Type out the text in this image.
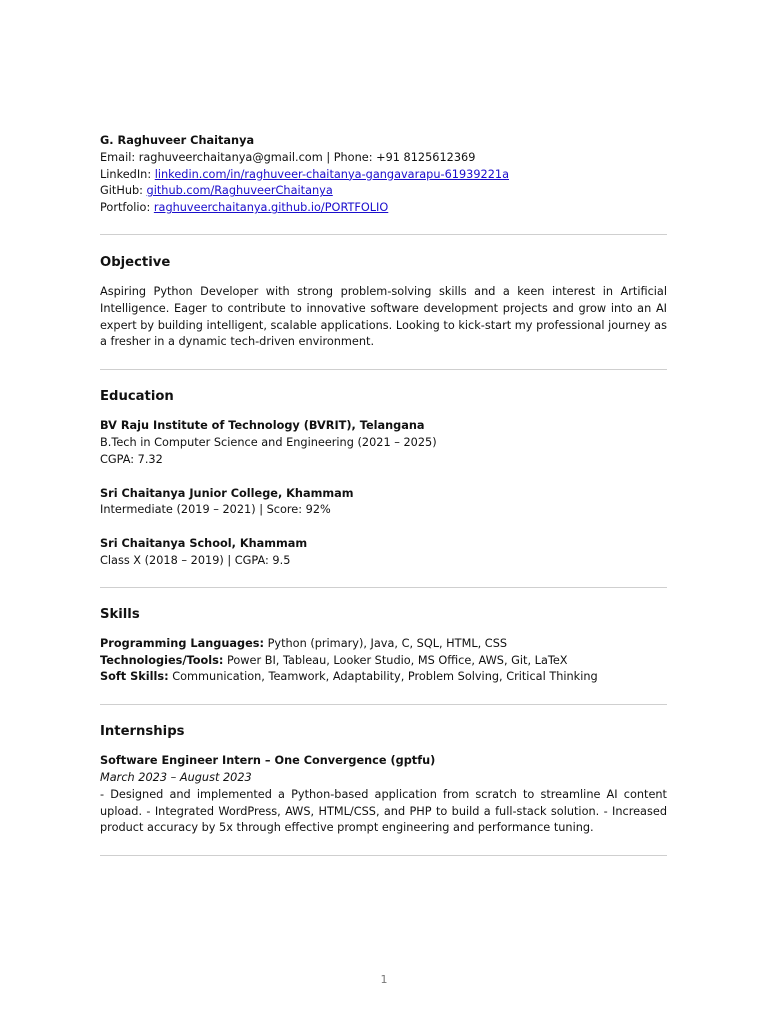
G. Raghuveer Chaitanya
Email: raghuveerchaitanya@gmail.com | Phone: +91 8125612369
LinkedIn: linkedin.com/in/raghuveer-chaitanya-gangavarapu-61939221a
GitHub: github.com/RaghuveerChaitanya
Portfolio: raghuveerchaitanya.github.io/PORTFOLIO
Objective

Aspiring Python Developer with strong problem-solving skills and a keen interest in Artificial Intelligence. Eager to contribute to innovative software development projects and grow into an AI expert by building intelligent, scalable applications. Looking to kick-start my professional journey as a fresher in a dynamic tech-driven environment.

Education
BV Raju Institute of Technology (BVRIT), Telangana
B.Tech in Computer Science and Engineering (2021 – 2025)
CGPA: 7.32
Sri Chaitanya Junior College, Khammam
Intermediate (2019 – 2021) | Score: 92%
Sri Chaitanya School, Khammam
Class X (2018 – 2019) | CGPA: 9.5
Skills
Programming Languages: Python (primary), Java, C, SQL, HTML, CSS
Technologies/Tools: Power BI, Tableau, Looker Studio, MS Office, AWS, Git, LaTeX
Soft Skills: Communication, Teamwork, Adaptability, Problem Solving, Critical Thinking
Internships
Software Engineer Intern – One Convergence (gptfu)
March 2023 – August 2023

- Designed and implemented a Python-based application from scratch to streamline AI content upload. - Integrated WordPress, AWS, HTML/CSS, and PHP to build a full-stack solution. - Increased product accuracy by 5x through effective prompt engineering and performance tuning.

1
